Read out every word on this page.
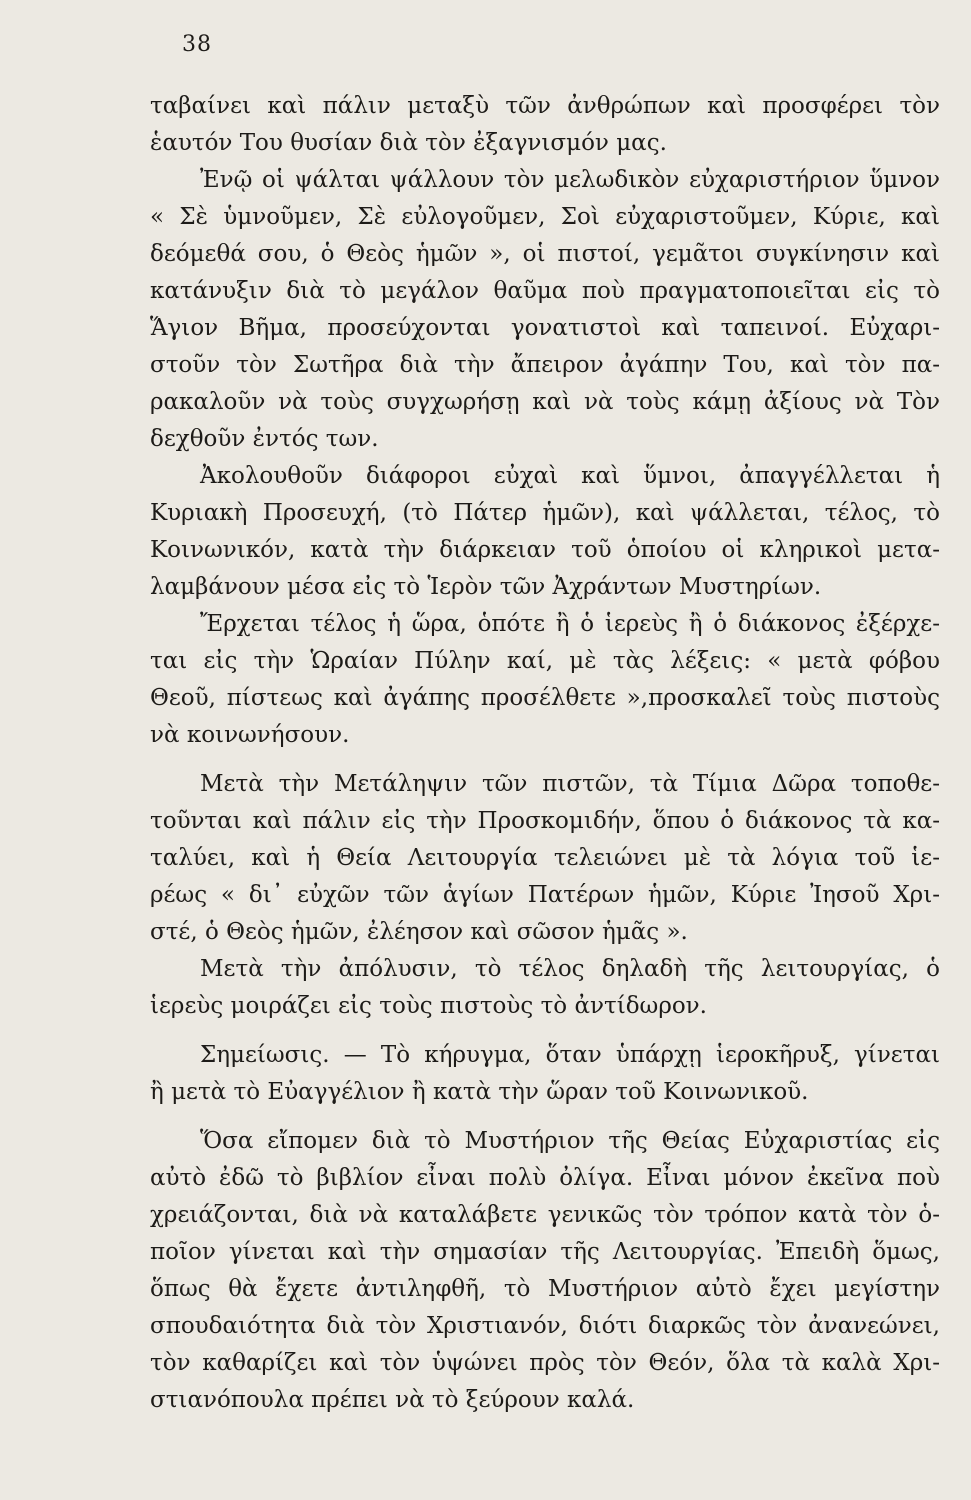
38
ταβαίνει καὶ πάλιν μεταξὺ τῶν ἀνθρώπων καὶ προσφέρει τὸν
ἑαυτόν Του θυσίαν διὰ τὸν ἐξαγνισμόν μας.
Ἐνῷ οἱ ψάλται ψάλλουν τὸν μελωδικὸν εὐχαριστήριον ὕμνον
« Σὲ ὑμνοῦμεν, Σὲ εὐλογοῦμεν, Σοὶ εὐχαριστοῦμεν, Κύριε, καὶ
δεόμεθά σου, ὁ Θεὸς ἡμῶν », οἱ πιστοί, γεμᾶτοι συγκίνησιν καὶ
κατάνυξιν διὰ τὸ μεγάλον θαῦμα ποὺ πραγματοποιεῖται εἰς τὸ
Ἅγιον Βῆμα, προσεύχονται γονατιστοὶ καὶ ταπεινοί. Εὐχαρι-
στοῦν τὸν Σωτῆρα διὰ τὴν ἄπειρον ἀγάπην Του, καὶ τὸν πα-
ρακαλοῦν νὰ τοὺς συγχωρήσῃ καὶ νὰ τοὺς κάμῃ ἀξίους νὰ Τὸν
δεχθοῦν ἐντός των.
Ἀκολουθοῦν διάφοροι εὐχαὶ καὶ ὕμνοι, ἀπαγγέλλεται ἡ
Κυριακὴ Προσευχή, (τὸ Πάτερ ἡμῶν), καὶ ψάλλεται, τέλος, τὸ
Κοινωνικόν, κατὰ τὴν διάρκειαν τοῦ ὁποίου οἱ κληρικοὶ μετα-
λαμβάνουν μέσα εἰς τὸ Ἱερὸν τῶν Ἀχράντων Μυστηρίων.
Ἔρχεται τέλος ἡ ὥρα, ὁπότε ἢ ὁ ἱερεὺς ἢ ὁ διάκονος ἐξέρχε-
ται εἰς τὴν Ὡραίαν Πύλην καί, μὲ τὰς λέξεις: « μετὰ φόβου
Θεοῦ, πίστεως καὶ ἀγάπης προσέλθετε »,προσκαλεῖ τοὺς πιστοὺς
νὰ κοινωνήσουν.
Μετὰ τὴν Μετάληψιν τῶν πιστῶν, τὰ Τίμια Δῶρα τοποθε-
τοῦνται καὶ πάλιν εἰς τὴν Προσκομιδήν, ὅπου ὁ διάκονος τὰ κα-
ταλύει, καὶ ἡ Θεία Λειτουργία τελειώνει μὲ τὰ λόγια τοῦ ἱε-
ρέως « δι᾽ εὐχῶν τῶν ἁγίων Πατέρων ἡμῶν, Κύριε Ἰησοῦ Χρι-
στέ, ὁ Θεὸς ἡμῶν, ἐλέησον καὶ σῶσον ἡμᾶς ».
Μετὰ τὴν ἀπόλυσιν, τὸ τέλος δηλαδὴ τῆς λειτουργίας, ὁ
ἱερεὺς μοιράζει εἰς τοὺς πιστοὺς τὸ ἀντίδωρον.
Σημείωσις. — Τὸ κήρυγμα, ὅταν ὑπάρχῃ ἱεροκῆρυξ, γίνεται
ἢ μετὰ τὸ Εὐαγγέλιον ἢ κατὰ τὴν ὥραν τοῦ Κοινωνικοῦ.
Ὅσα εἴπομεν διὰ τὸ Μυστήριον τῆς Θείας Εὐχαριστίας εἰς
αὐτὸ ἐδῶ τὸ βιβλίον εἶναι πολὺ ὀλίγα. Εἶναι μόνον ἐκεῖνα ποὺ
χρειάζονται, διὰ νὰ καταλάβετε γενικῶς τὸν τρόπον κατὰ τὸν ὁ-
ποῖον γίνεται καὶ τὴν σημασίαν τῆς Λειτουργίας. Ἐπειδὴ ὅμως,
ὅπως θὰ ἔχετε ἀντιληφθῆ, τὸ Μυστήριον αὐτὸ ἔχει μεγίστην
σπουδαιότητα διὰ τὸν Χριστιανόν, διότι διαρκῶς τὸν ἀνανεώνει,
τὸν καθαρίζει καὶ τὸν ὑψώνει πρὸς τὸν Θεόν, ὅλα τὰ καλὰ Χρι-
στιανόπουλα πρέπει νὰ τὸ ξεύρουν καλά.
